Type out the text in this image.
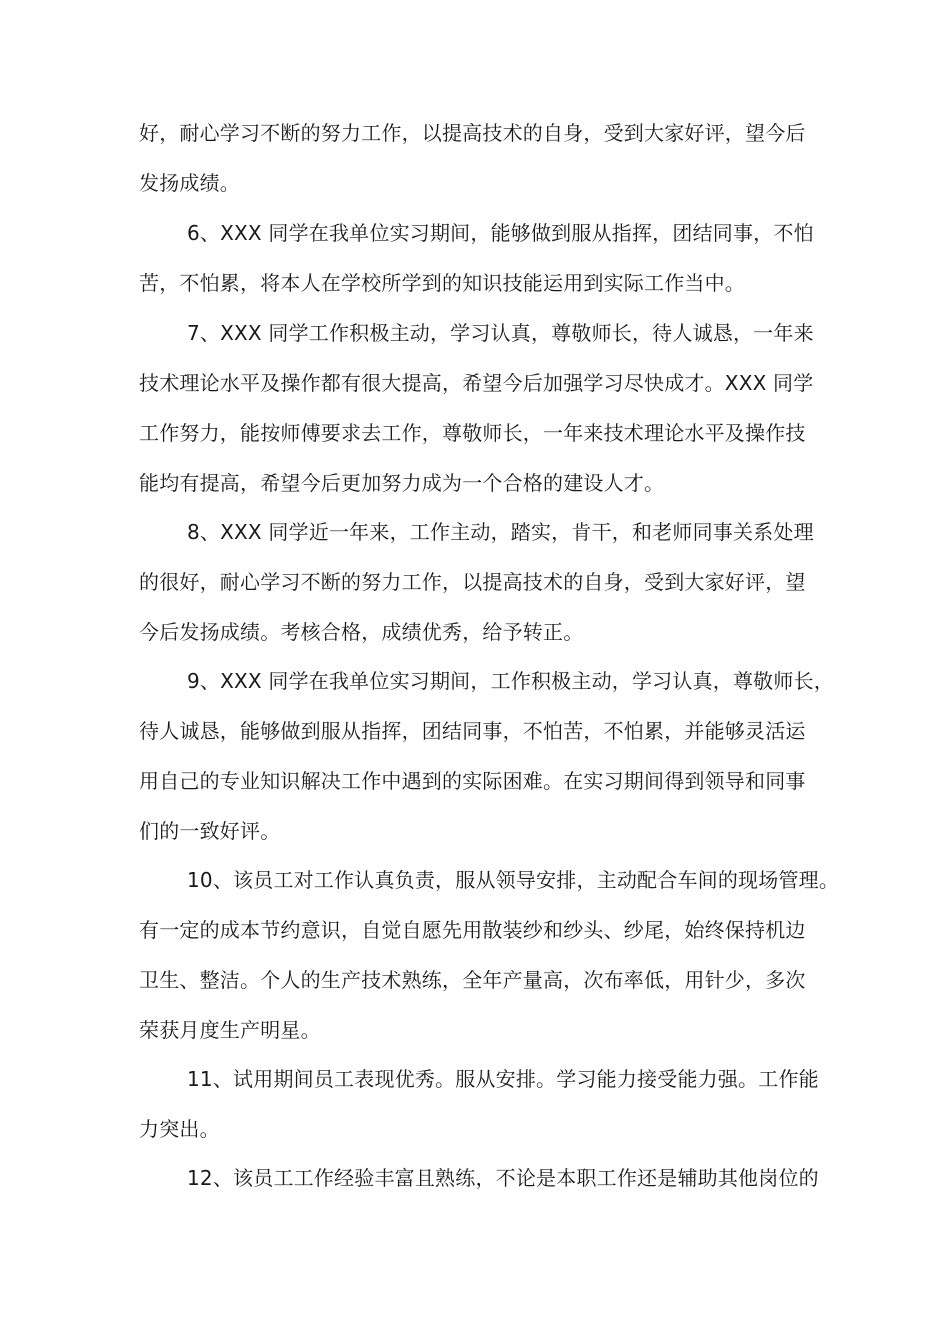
好，耐心学习不断的努力工作，以提高技术的自身，受到大家好评，望今后
发扬成绩。
6、XXX 同学在我单位实习期间，能够做到服从指挥，团结同事，不怕
苦，不怕累，将本人在学校所学到的知识技能运用到实际工作当中。
7、XXX 同学工作积极主动，学习认真，尊敬师长，待人诚恳，一年来
技术理论水平及操作都有很大提高，希望今后加强学习尽快成才。XXX 同学
工作努力，能按师傅要求去工作，尊敬师长，一年来技术理论水平及操作技
能均有提高，希望今后更加努力成为一个合格的建设人才。
8、XXX 同学近一年来，工作主动，踏实，肯干，和老师同事关系处理
的很好，耐心学习不断的努力工作，以提高技术的自身，受到大家好评，望
今后发扬成绩。考核合格，成绩优秀，给予转正。
9、XXX 同学在我单位实习期间，工作积极主动，学习认真，尊敬师长，
待人诚恳，能够做到服从指挥，团结同事，不怕苦，不怕累，并能够灵活运
用自己的专业知识解决工作中遇到的实际困难。在实习期间得到领导和同事
们的一致好评。
10、该员工对工作认真负责，服从领导安排，主动配合车间的现场管理。
有一定的成本节约意识，自觉自愿先用散装纱和纱头、纱尾，始终保持机边
卫生、整洁。个人的生产技术熟练，全年产量高，次布率低，用针少，多次
荣获月度生产明星。
11、试用期间员工表现优秀。服从安排。学习能力接受能力强。工作能
力突出。
12、该员工工作经验丰富且熟练，不论是本职工作还是辅助其他岗位的
